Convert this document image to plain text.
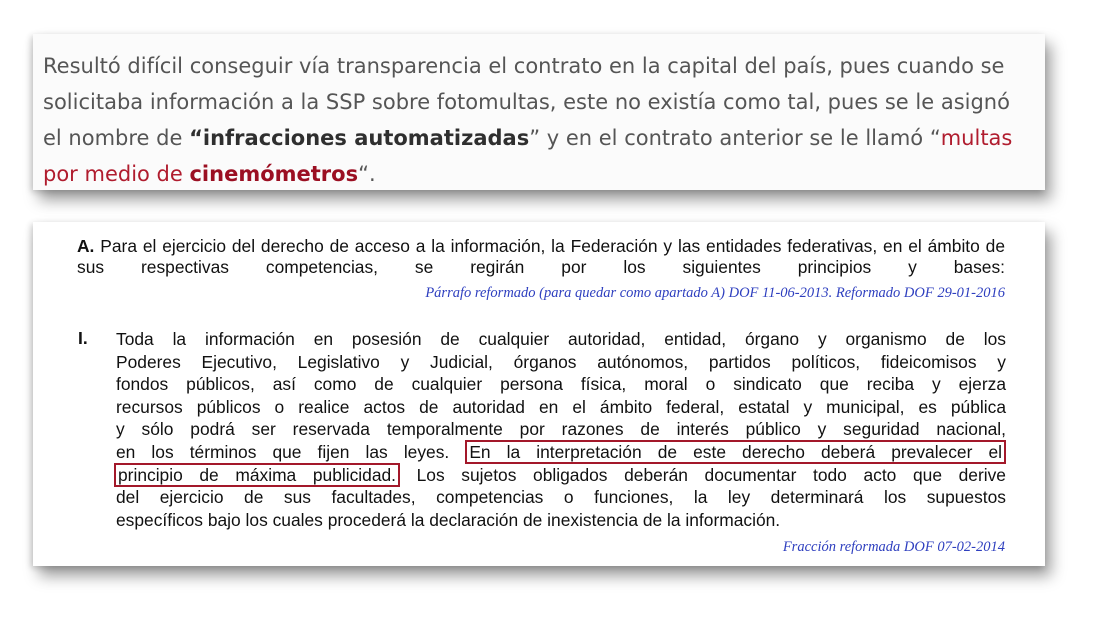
Resultó difícil conseguir vía transparencia el contrato en la capital del país, pues cuando se solicitaba información a la SSP sobre fotomultas, este no existía como tal, pues se le asignó el nombre de “infracciones automatizadas” y en el contrato anterior se le llamó “multas por medio de cinemómetros“.

A. Para el ejercicio del derecho de acceso a la información, la Federación y las entidades federativas, en el ámbito de sus respectivas competencias, se regirán por los siguientes principios y bases:

Párrafo reformado (para quedar como apartado A) DOF 11-06-2013. Reformado DOF 29-01-2016

I. Toda la información en posesión de cualquier autoridad, entidad, órgano y organismo de los
Poderes Ejecutivo, Legislativo y Judicial, órganos autónomos, partidos políticos, fideicomisos y
fondos públicos, así como de cualquier persona física, moral o sindicato que reciba y ejerza
recursos públicos o realice actos de autoridad en el ámbito federal, estatal y municipal, es pública
y sólo podrá ser reservada temporalmente por razones de interés público y seguridad nacional,
en los términos que fijen las leyes. En la interpretación de este derecho deberá prevalecer el
principio de máxima publicidad. Los sujetos obligados deberán documentar todo acto que derive
del ejercicio de sus facultades, competencias o funciones, la ley determinará los supuestos
específicos bajo los cuales procederá la declaración de inexistencia de la información.

Fracción reformada DOF 07-02-2014
